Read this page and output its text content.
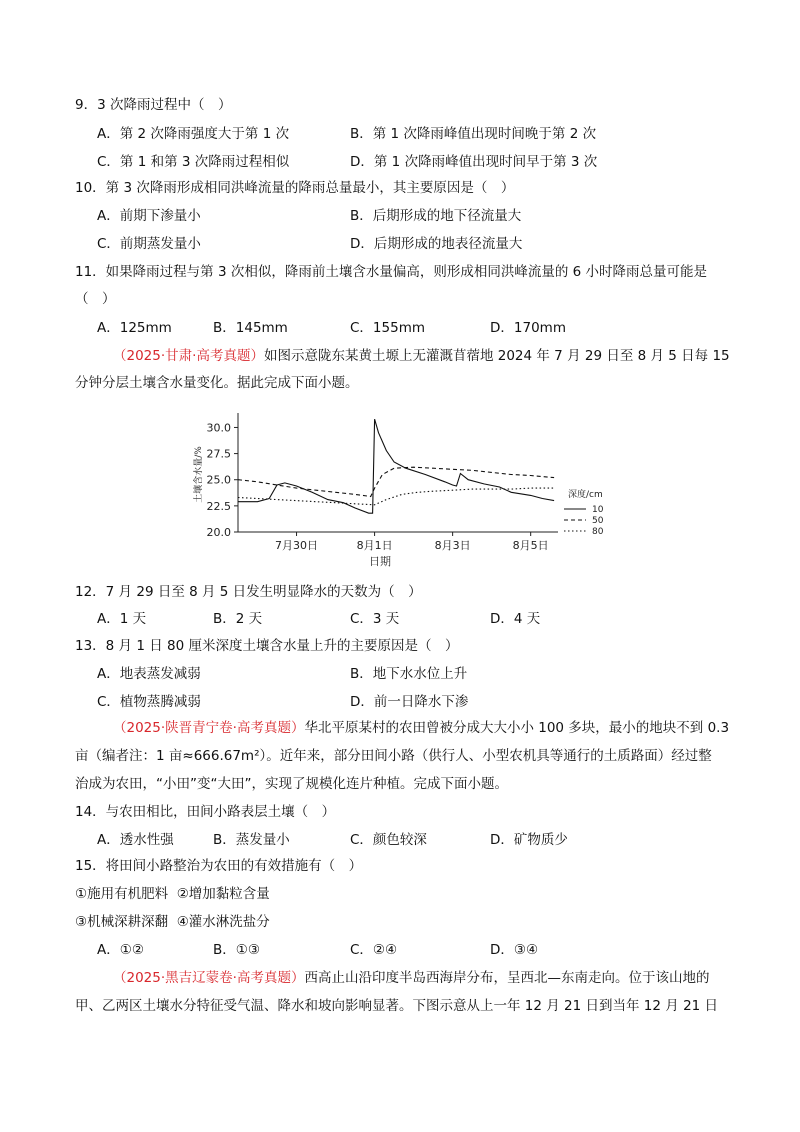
9．3 次降雨过程中（　）
A．第 2 次降雨强度大于第 1 次	B．第 1 次降雨峰值出现时间晚于第 2 次
C．第 1 和第 3 次降雨过程相似	D．第 1 次降雨峰值出现时间早于第 3 次
10．第 3 次降雨形成相同洪峰流量的降雨总量最小，其主要原因是（　）
A．前期下渗量小	B．后期形成的地下径流量大
C．前期蒸发量小	D．后期形成的地表径流量大
11．如果降雨过程与第 3 次相似，降雨前土壤含水量偏高，则形成相同洪峰流量的 6 小时降雨总量可能是
（　）
A．125mm	B．145mm	C．155mm	D．170mm
（2025·甘肃·高考真题）如图示意陇东某黄土塬上无灌溉苜蓿地 2024 年 7 月 29 日至 8 月 5 日每 15
分钟分层土壤含水量变化。据此完成下面小题。
20.0
22.5
25.0
27.5
30.0
7月30日	8月1日	8月3日	8月5日
日期
土壤含水量/%	深度/cm
10
50
80
12．7 月 29 日至 8 月 5 日发生明显降水的天数为（　）
A．1 天	B．2 天	C．3 天	D．4 天
13．8 月 1 日 80 厘米深度土壤含水量上升的主要原因是（　）
A．地表蒸发减弱	B．地下水水位上升
C．植物蒸腾减弱	D．前一日降水下渗
（2025·陕晋青宁卷·高考真题）华北平原某村的农田曾被分成大大小小 100 多块，最小的地块不到 0.3
亩（编者注：1 亩≈666.67m²）。近年来，部分田间小路（供行人、小型农机具等通行的土质路面）经过整
治成为农田，“小田”变“大田”，实现了规模化连片种植。完成下面小题。
14．与农田相比，田间小路表层土壤（　）
A．透水性强	B．蒸发量小	C．颜色较深	D．矿物质少
15．将田间小路整治为农田的有效措施有（　）
①施用有机肥料 ②增加黏粒含量
③机械深耕深翻 ④灌水淋洗盐分
A．①②	B．①③	C．②④	D．③④
（2025·黑吉辽蒙卷·高考真题）西高止山沿印度半岛西海岸分布，呈西北—东南走向。位于该山地的
甲、乙两区土壤水分特征受气温、降水和坡向影响显著。下图示意从上一年 12 月 21 日到当年 12 月 21 日
